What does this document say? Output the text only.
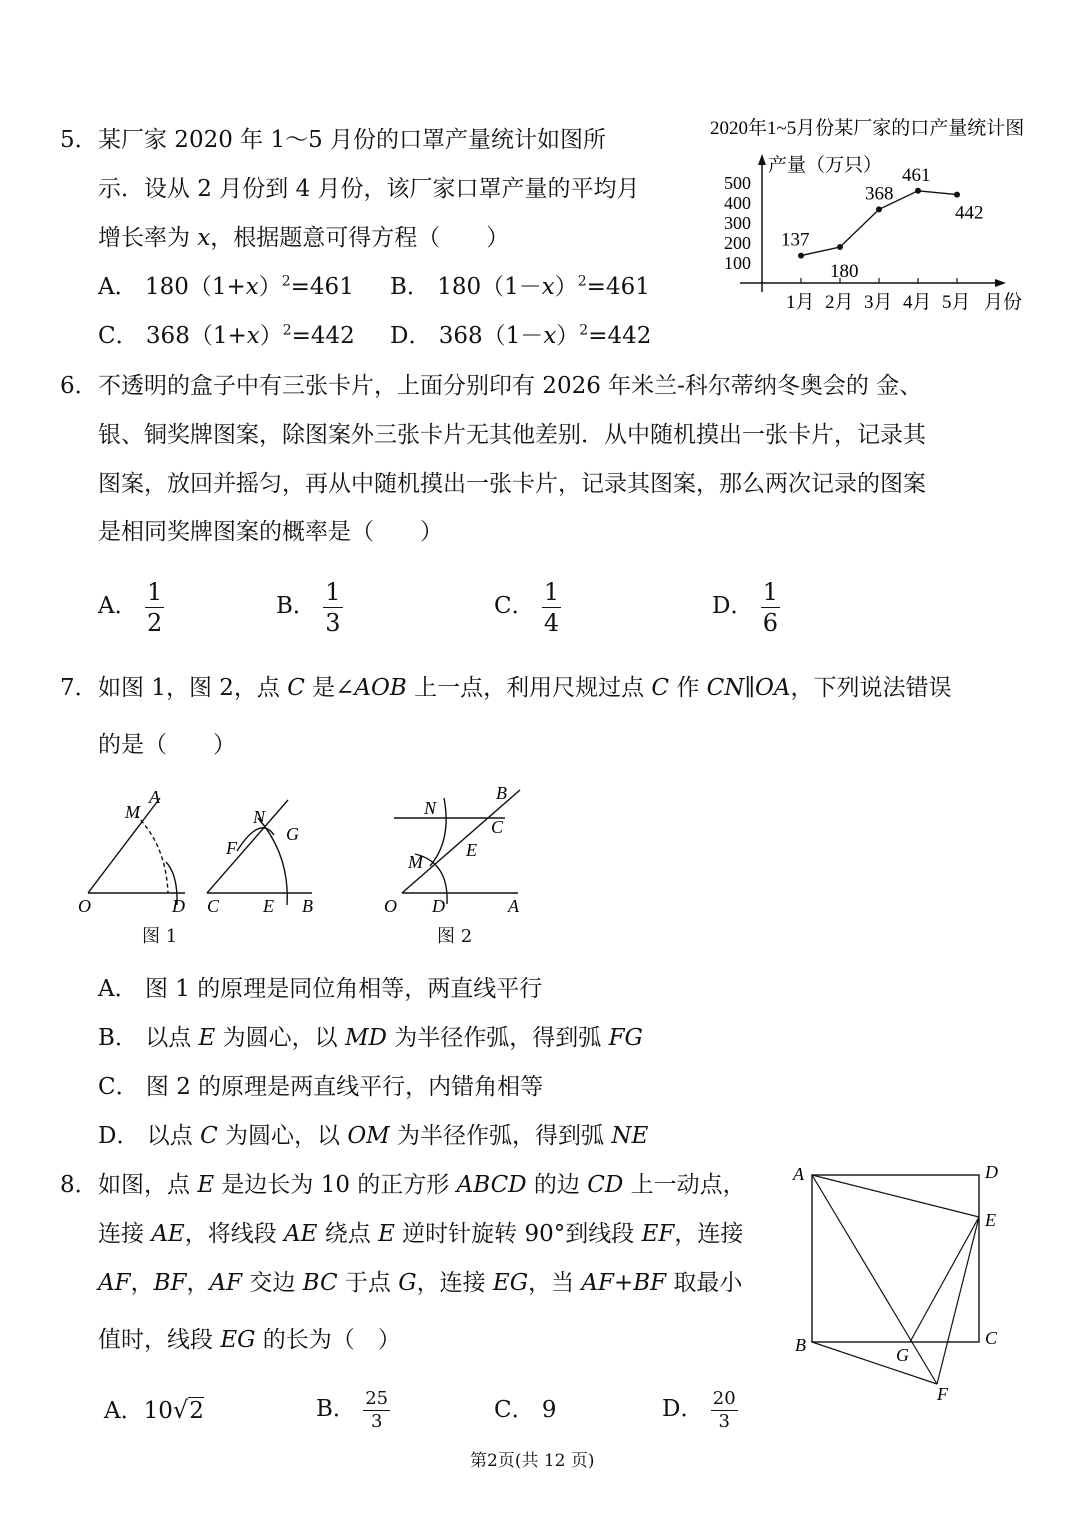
5． 某厂家 2020 年 1～5 月份的口罩产量统计如图所
示．设从 2 月份到 4 月份，该厂家口罩产量的平均月
增长率为 x，根据题意可得方程（　　）
A． $180(1+x)^2=461$ B． $180(1-x)^2=461$
C． $368(1+x)^2=442$ D． $368(1-x)^2=442$
2020年1~5月份某厂家的口产量统计图
产量（万只）
月份
100
200
300
400
500
1月 2月 3月 4月 5月
137
180
368
461
442
6． 不透明的盒子中有三张卡片，上面分别印有 2026 年米兰-科尔蒂纳冬奥会的 金、
银、铜奖牌图案，除图案外三张卡片无其他差别．从中随机摸出一张卡片，记录其
图案，放回并摇匀，再从中随机摸出一张卡片，记录其图案，那么两次记录的图案
是相同奖牌图案的概率是（　　）
A． $\frac{1}{2}$	B． $\frac{1}{3}$	C． $\frac{1}{4}$	D． $\frac{1}{6}$
7． 如图 1，图 2，点 C 是∠AOB 上一点，利用尺规过点 C 作 CN∥OA，下列说法错误
的是（　　）
O	D C E B
A
M	N
F
G
图 1
O D	A
B
C
N
M
E
图 2
A． 图 1 的原理是同位角相等，两直线平行
B． 以点 E 为圆心，以 MD 为半径作弧，得到弧 FG
C． 图 2 的原理是两直线平行，内错角相等
D． 以点 C 为圆心，以 OM 为半径作弧，得到弧 NE
8． 如图，点 E 是边长为 10 的正方形 ABCD 的边 CD 上一动点，
连接 AE，将线段 AE 绕点 E 逆时针旋转 90°到线段 EF，连接
AF，BF，AF 交边 BC 于点 G，连接 EG，当 AF+BF 取最小
值时，线段 EG 的长为（　）
A．10√2	B． $\frac{25}{3}$	C． 9	D． $\frac{20}{3}$
A	D
E
C
B	G
F
第2页(共 12 页)
